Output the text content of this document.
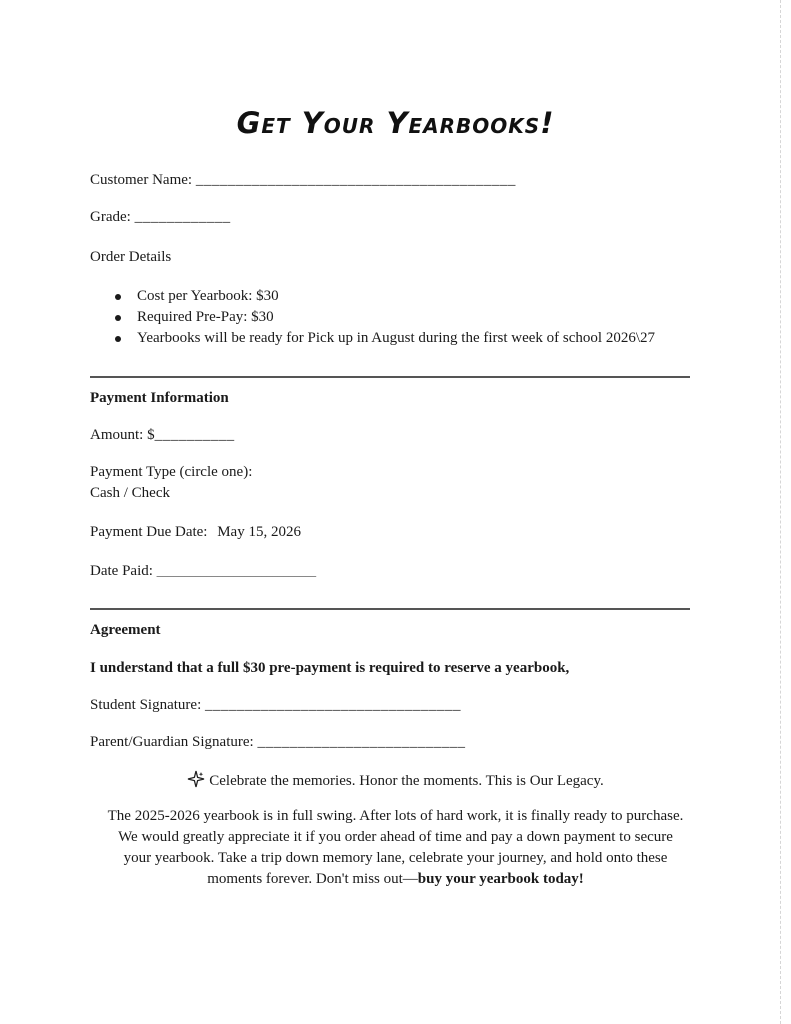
Get Your Yearbooks!
Customer Name: ________________________________________
Grade: ____________
Order Details
Cost per Yearbook: $30
Required Pre-Pay: $30
Yearbooks will be ready for Pick up in August during the first week of school 2026\27
Payment Information
Amount: $__________
Payment Type (circle one):
Cash / Check
Payment Due Date: May 15, 2026
Date Paid: _____________________________
Agreement
I understand that a full $30 pre-payment is required to reserve a yearbook,
Student Signature: ________________________________
Parent/Guardian Signature: __________________________
Celebrate the memories. Honor the moments. This is Our Legacy.
The 2025-2026 yearbook is in full swing. After lots of hard work, it is finally ready to purchase.
We would greatly appreciate it if you order ahead of time and pay a down payment to secure
your yearbook. Take a trip down memory lane, celebrate your journey, and hold onto these
moments forever. Don't miss out—buy your yearbook today!
